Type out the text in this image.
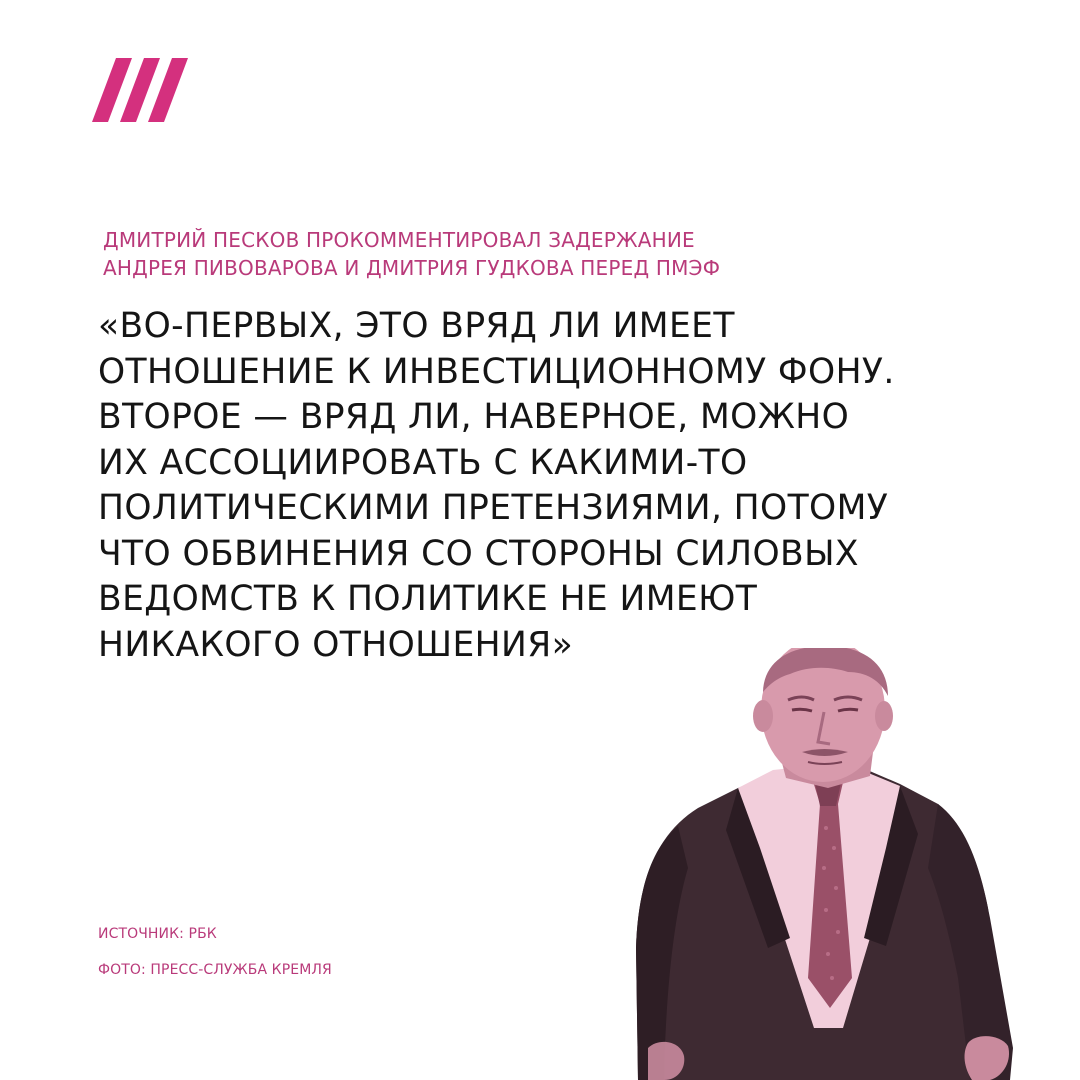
ДМИТРИЙ ПЕСКОВ ПРОКОММЕНТИРОВАЛ ЗАДЕРЖАНИЕ
АНДРЕЯ ПИВОВАРОВА И ДМИТРИЯ ГУДКОВА ПЕРЕД ПМЭФ
«ВО-ПЕРВЫХ, ЭТО ВРЯД ЛИ ИМЕЕТ
ОТНОШЕНИЕ К ИНВЕСТИЦИОННОМУ ФОНУ.
ВТОРОЕ — ВРЯД ЛИ, НАВЕРНОЕ, МОЖНО
ИХ АССОЦИИРОВАТЬ С КАКИМИ-ТО
ПОЛИТИЧЕСКИМИ ПРЕТЕНЗИЯМИ, ПОТОМУ
ЧТО ОБВИНЕНИЯ СО СТОРОНЫ СИЛОВЫХ
ВЕДОМСТВ К ПОЛИТИКЕ НЕ ИМЕЮТ
НИКАКОГО ОТНОШЕНИЯ»
ИСТОЧНИК: РБК
ФОТО: ПРЕСС-СЛУЖБА КРЕМЛЯ
